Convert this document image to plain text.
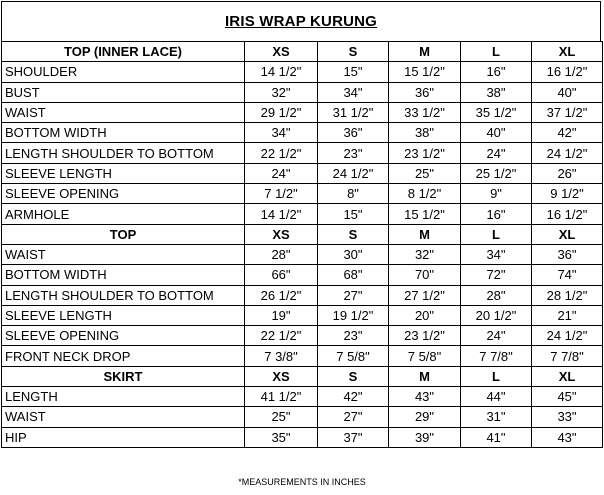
IRIS WRAP KURUNG
TOP (INNER LACE)	XS	S	M	L	XL
SHOULDER	14 1/2"	15"	15 1/2"	16"	16 1/2"
BUST	32"	34"	36"	38"	40"
WAIST	29 1/2"	31 1/2"	33 1/2"	35 1/2"	37 1/2"
BOTTOM WIDTH	34"	36"	38"	40"	42"
LENGTH SHOULDER TO BOTTOM	22 1/2"	23"	23 1/2"	24"	24 1/2"
SLEEVE LENGTH	24"	24 1/2"	25"	25 1/2"	26"
SLEEVE OPENING	7 1/2"	8"	8 1/2"	9"	9 1/2"
ARMHOLE	14 1/2"	15"	15 1/2"	16"	16 1/2"
TOP	XS	S	M	L	XL
WAIST	28"	30"	32"	34"	36"
BOTTOM WIDTH	66"	68"	70"	72"	74"
LENGTH SHOULDER TO BOTTOM	26 1/2"	27"	27 1/2"	28"	28 1/2"
SLEEVE LENGTH	19"	19 1/2"	20"	20 1/2"	21"
SLEEVE OPENING	22 1/2"	23"	23 1/2"	24"	24 1/2"
FRONT NECK DROP	7 3/8"	7 5/8"	7 5/8"	7 7/8"	7 7/8"
SKIRT	XS	S	M	L	XL
LENGTH	41 1/2"	42"	43"	44"	45"
WAIST	25"	27"	29"	31"	33"
HIP	35"	37"	39"	41"	43"
*MEASUREMENTS IN INCHES
